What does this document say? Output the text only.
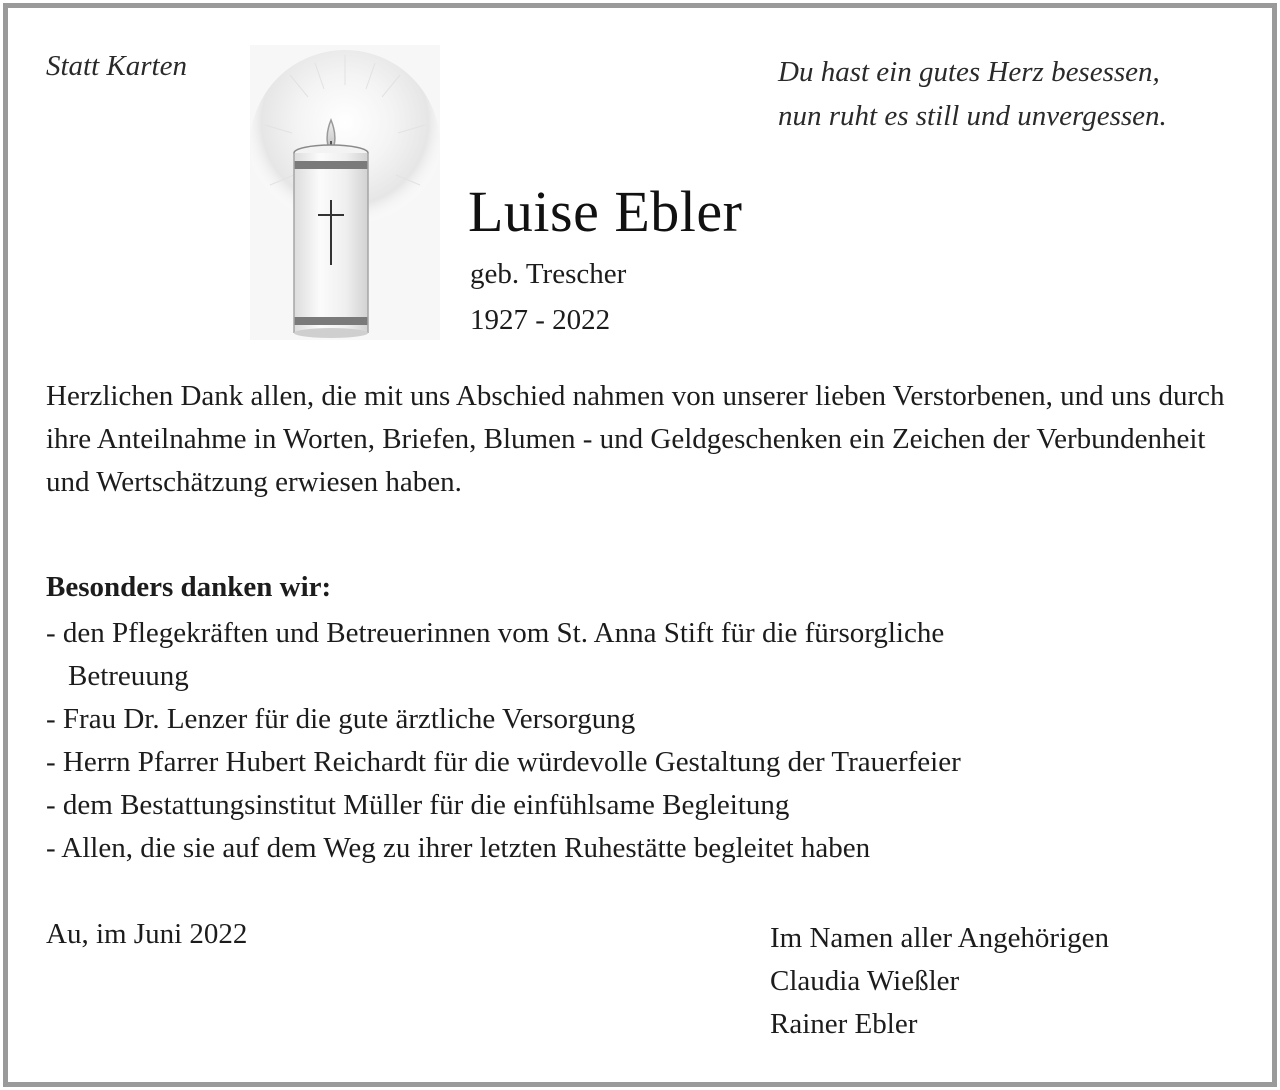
Statt Karten	Du hast ein gutes Herz besessen,
nun ruht es still und unvergessen.
Luise Ebler
geb. Trescher
1927 - 2022

Herzlichen Dank allen, die mit uns Abschied nahmen von unserer lieben Verstorbenen, und uns durch ihre Anteilnahme in Worten, Briefen, Blumen - und Geldgeschenken ein Zeichen der Verbundenheit und Wertschätzung erwiesen haben.

Besonders danken wir:
- den Pflegekräften und Betreuerinnen vom St. Anna Stift für die fürsorgliche
Betreuung
- Frau Dr. Lenzer für die gute ärztliche Versorgung
- Herrn Pfarrer Hubert Reichardt für die würdevolle Gestaltung der Trauerfeier
- dem Bestattungsinstitut Müller für die einfühlsame Begleitung
- Allen, die sie auf dem Weg zu ihrer letzten Ruhestätte begleitet haben
Au, im Juni 2022	Im Namen aller Angehörigen
Claudia Wießler
Rainer Ebler
